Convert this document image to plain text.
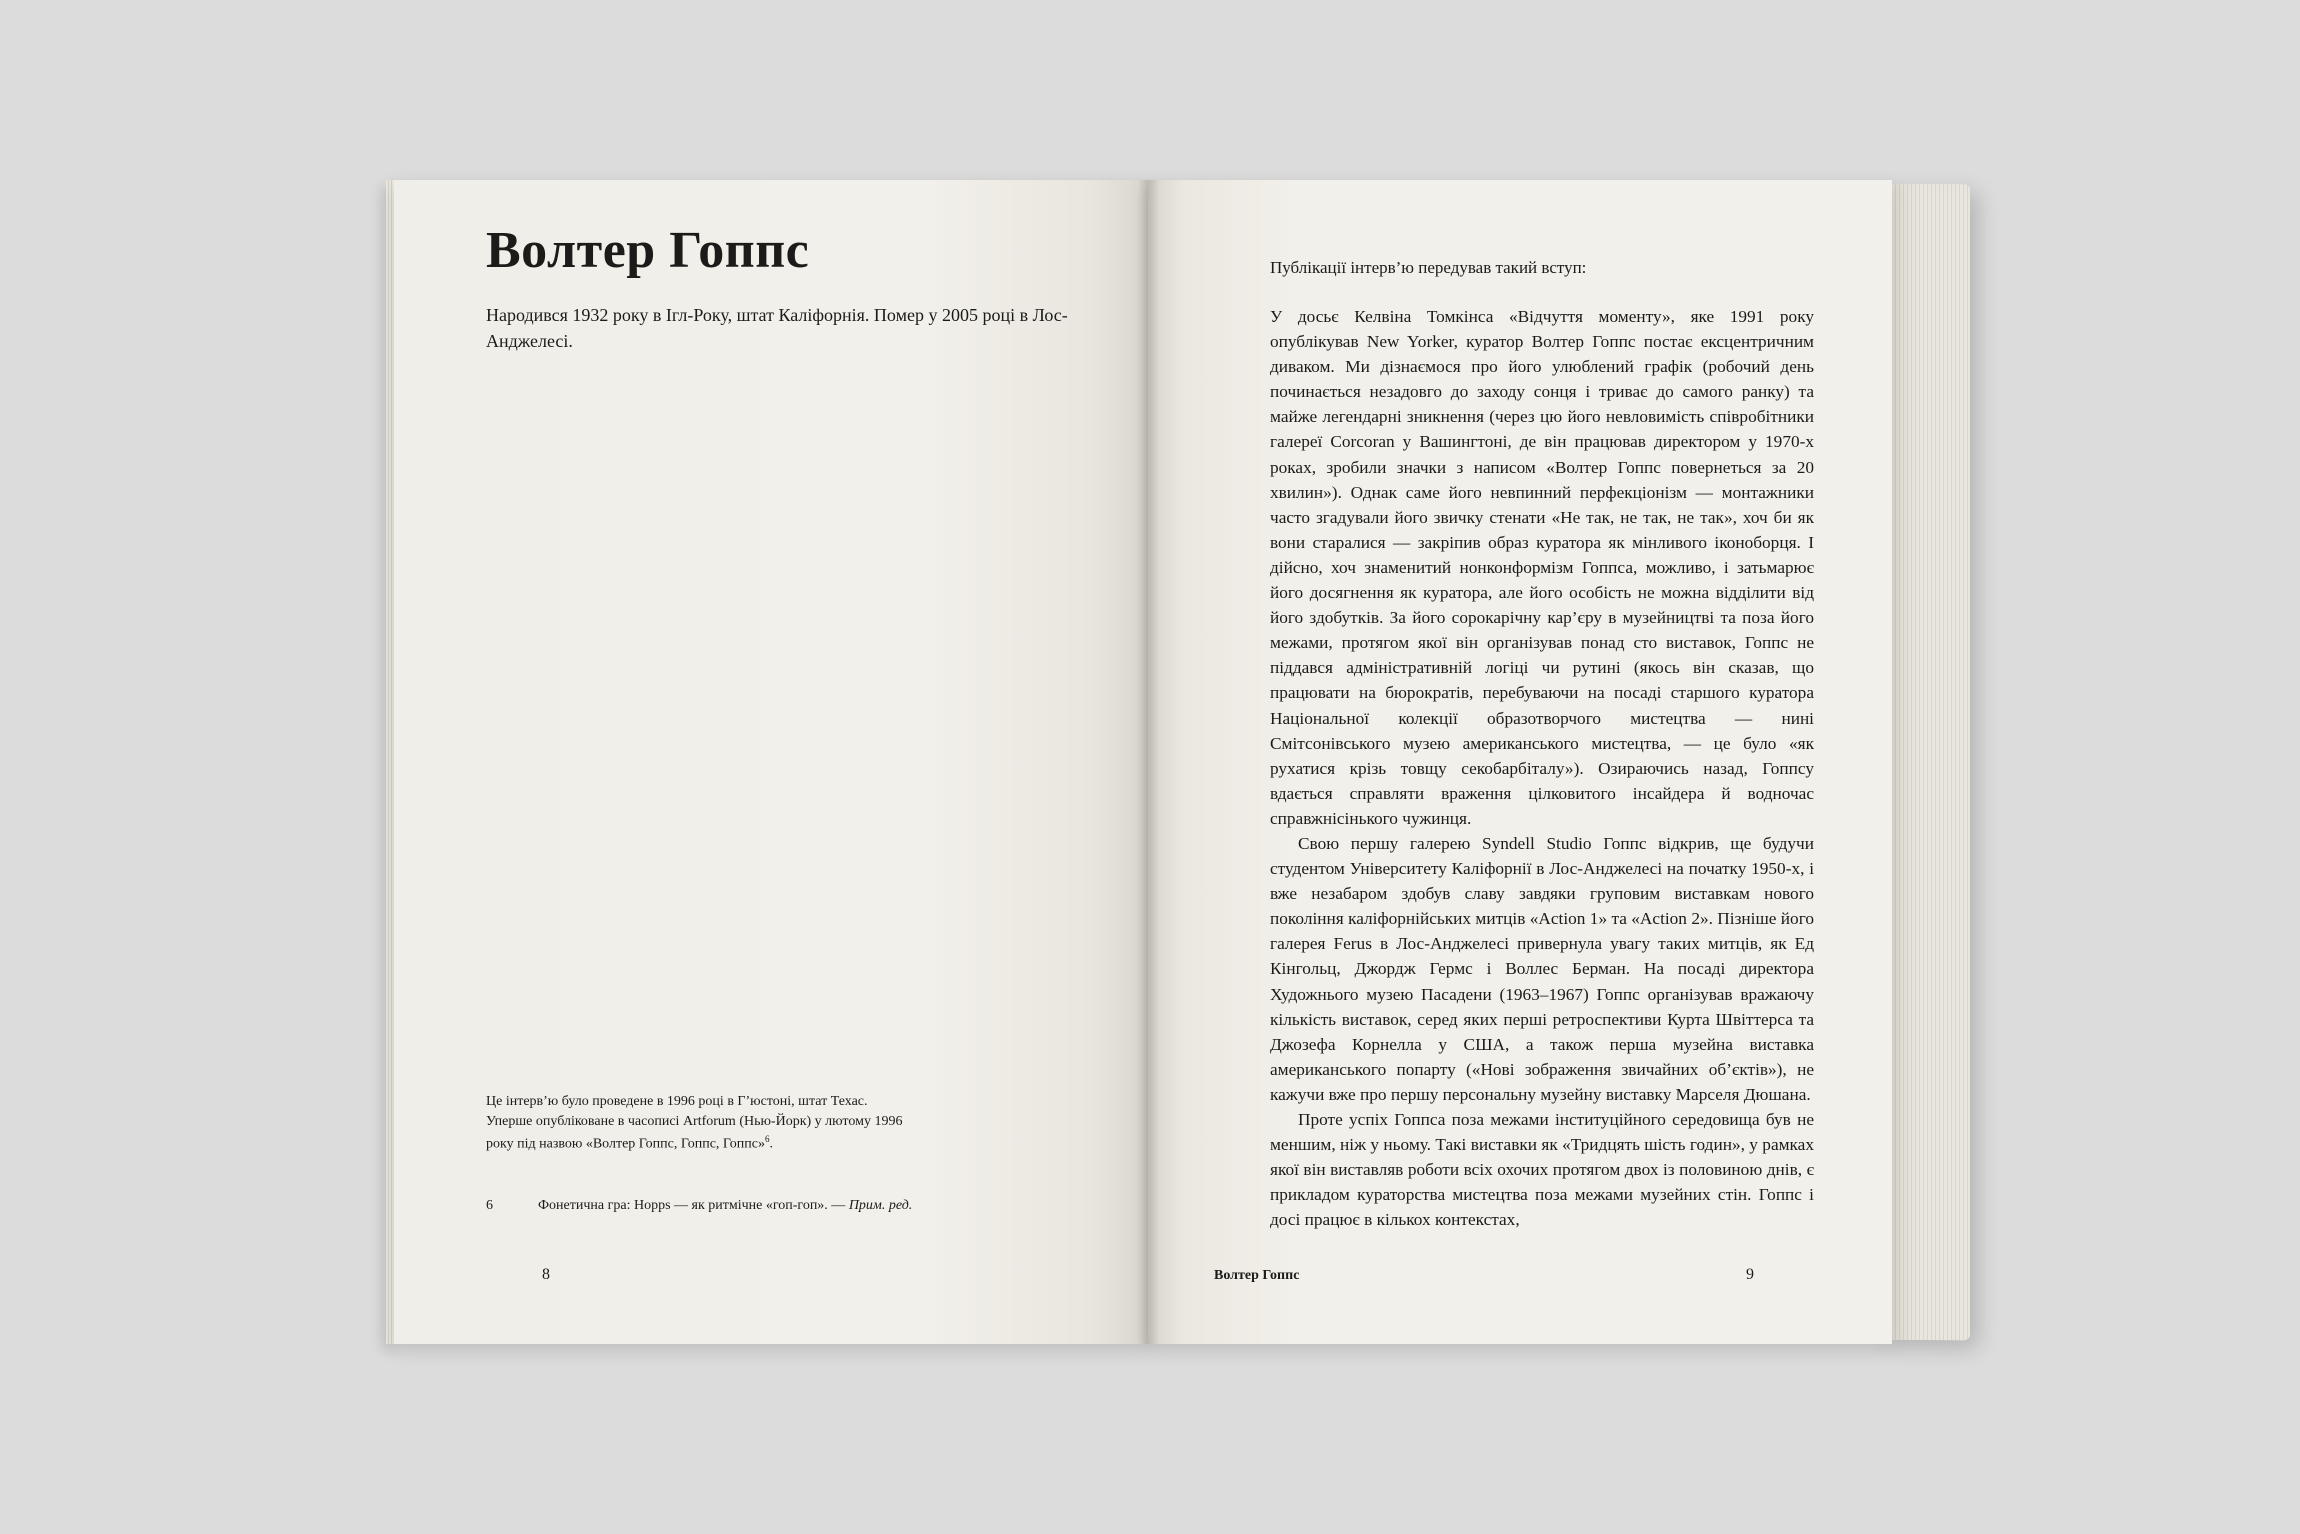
Волтер Гоппс

Народився 1932 року в Ігл-Року, штат Каліфорнія. Помер у 2005 році в Лос-Анджелесі.

Це інтерв’ю було проведене в 1996 році в Г’юстоні, штат Техас. Уперше опубліковане в часописі Artforum (Нью-Йорк) у лютому 1996 року під назвою «Волтер Гоппс, Гоппс, Гоппс»$^6$.

6	Фонетична гра: Hopps — як ритмічне «гоп-гоп». — Прим. ред.

8

Публікації інтерв’ю передував такий вступ:

У досьє Келвіна Томкінса «Відчуття моменту», яке 1991 року опублікував New Yorker, куратор Волтер Гоппс постає ексцентричним диваком. Ми дізнаємося про його улюблений графік (робочий день починається незадовго до заходу сонця і триває до самого ранку) та майже легендарні зникнення (через цю його невловимість співробітники галереї Corcoran у Вашингтоні, де він працював директором у 1970-х роках, зробили значки з написом «Волтер Гоппс повернеться за 20 хвилин»). Однак саме його невпинний перфекціонізм — монтажники часто згадували його звичку стенати «Не так, не так, не так», хоч би як вони старалися — закріпив образ куратора як мінливого іконоборця. І дійсно, хоч знаменитий нонконформізм Гоппса, можливо, і затьмарює його досягнення як куратора, але його особість не можна відділити від його здобутків. За його сорокарічну кар’єру в музейництві та поза його межами, протягом якої він організував понад сто виставок, Гоппс не піддався адміністративній логіці чи рутині (якось він сказав, що працювати на бюрократів, перебуваючи на посаді старшого куратора Національної колекції образотворчого мистецтва — нині Смітсонівського музею американського мистецтва, — це було «як рухатися крізь товщу секобарбіталу»). Озираючись назад, Гоппсу вдається справляти враження цілковитого інсайдера й водночас справжнісінького чужинця.

Свою першу галерею Syndell Studio Гоппс відкрив, ще будучи студентом Університету Каліфорнії в Лос-Анджелесі на початку 1950-х, і вже незабаром здобув славу завдяки груповим виставкам нового покоління каліфорнійських митців «Action 1» та «Action 2». Пізніше його галерея Ferus в Лос-Анджелесі привернула увагу таких митців, як Ед Кінгольц, Джордж Гермс і Воллес Берман. На посаді директора Художнього музею Пасадени (1963–1967) Гоппс організував вражаючу кількість виставок, серед яких перші ретроспективи Курта Швіттерса та Джозефа Корнелла у США, а також перша музейна виставка американського попарту («Нові зображення звичайних об’єктів»), не кажучи вже про першу персональну музейну виставку Марселя Дюшана.

Проте успіх Гоппса поза межами інституційного середовища був не меншим, ніж у ньому. Такі виставки як «Тридцять шість годин», у рамках якої він виставляв роботи всіх охочих протягом двох із половиною днів, є прикладом кураторства мистецтва поза межами музейних стін. Гоппс і досі працює в кількох контекстах,

Волтер Гоппс	9
